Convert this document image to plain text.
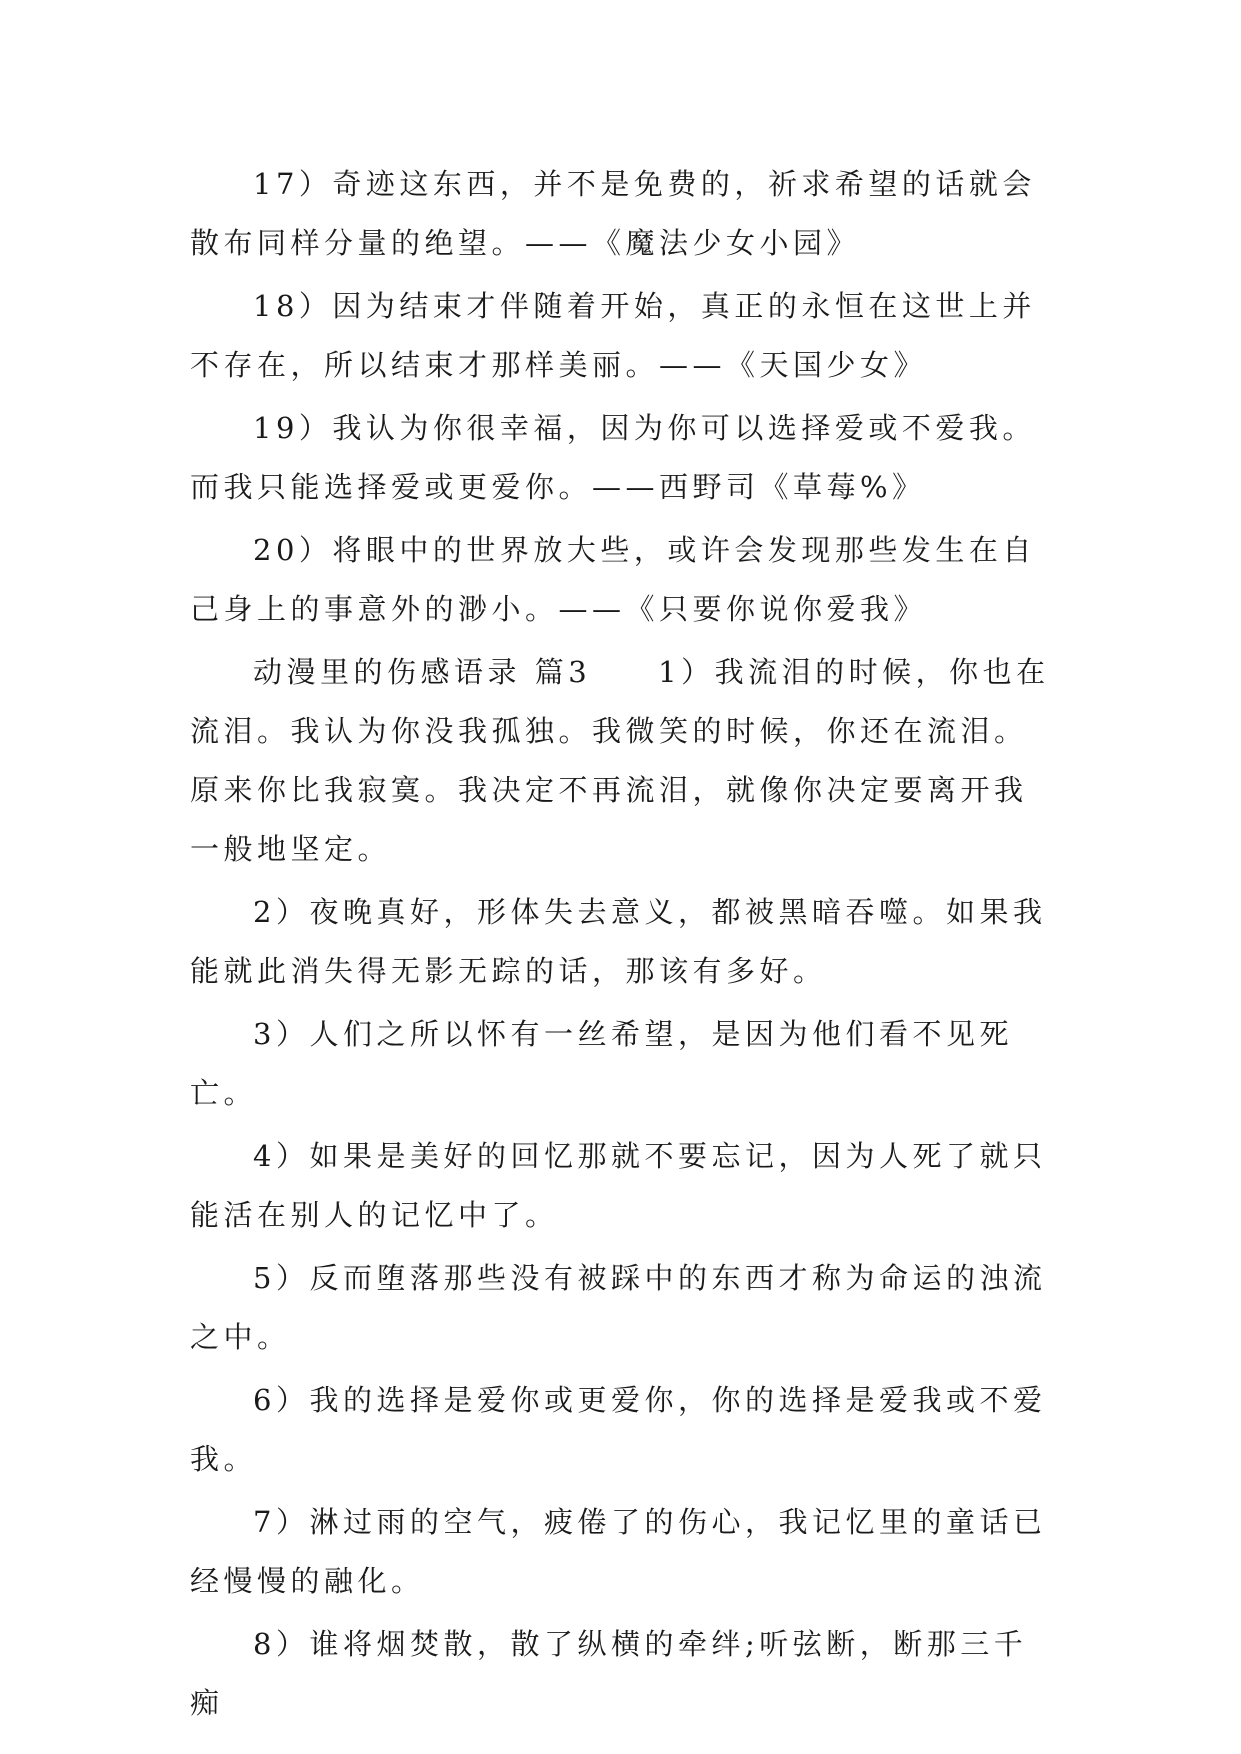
17）奇迹这东西，并不是免费的，祈求希望的话就会散布同样分量的绝望。——《魔法少女小园》

18）因为结束才伴随着开始，真正的永恒在这世上并不存在，所以结束才那样美丽。——《天国少女》

19）我认为你很幸福，因为你可以选择爱或不爱我。而我只能选择爱或更爱你。——西野司《草莓%》

20）将眼中的世界放大些，或许会发现那些发生在自己身上的事意外的渺小。——《只要你说你爱我》

动漫里的伤感语录 篇3　　1）我流泪的时候，你也在流泪。我认为你没我孤独。我微笑的时候，你还在流泪。原来你比我寂寞。我决定不再流泪，就像你决定要离开我一般地坚定。

2）夜晚真好，形体失去意义，都被黑暗吞噬。如果我能就此消失得无影无踪的话，那该有多好。

3）人们之所以怀有一丝希望，是因为他们看不见死亡。

4）如果是美好的回忆那就不要忘记，因为人死了就只能活在别人的记忆中了。

5）反而堕落那些没有被踩中的东西才称为命运的浊流之中。

6）我的选择是爱你或更爱你，你的选择是爱我或不爱我。

7）淋过雨的空气，疲倦了的伤心，我记忆里的童话已经慢慢的融化。

8）谁将烟焚散，散了纵横的牵绊;听弦断，断那三千痴
